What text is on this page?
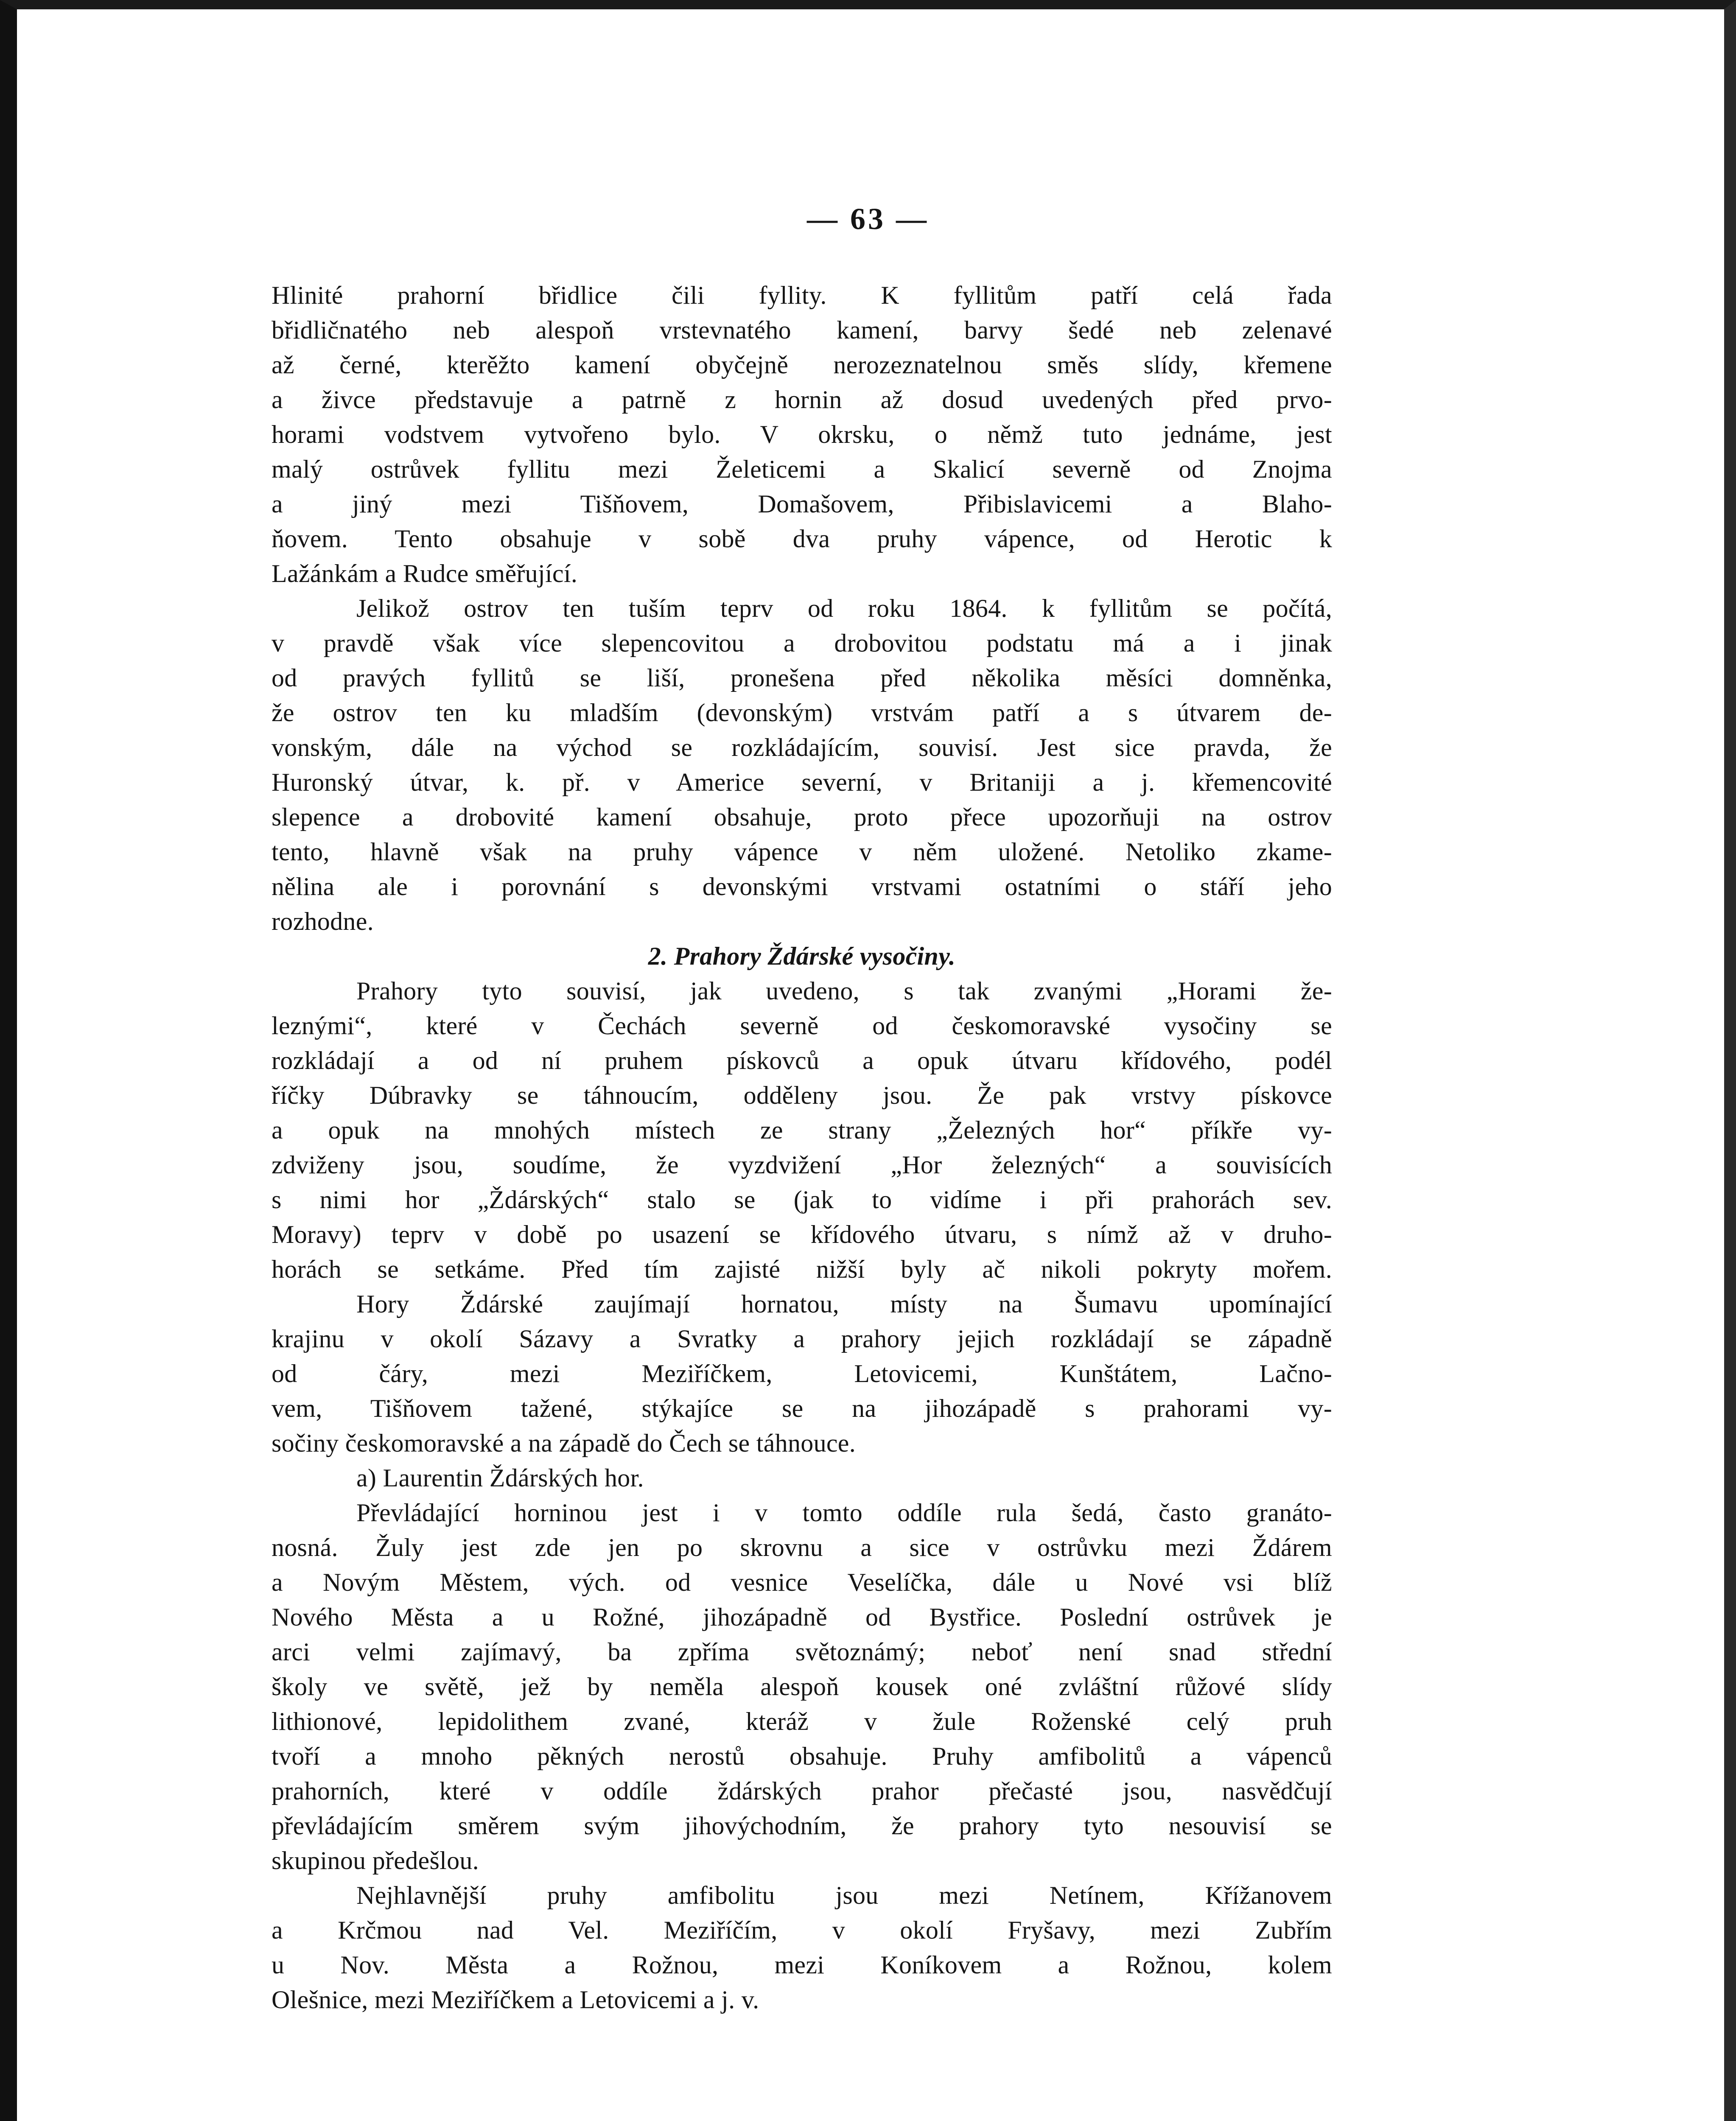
— 63 —
Hlinité prahorní břidlice čili fyllity. K fyllitům patří celá řada
břidličnatého neb alespoň vrstevnatého kamení, barvy šedé neb zelenavé
až černé, kterěžto kamení obyčejně nerozeznatelnou směs slídy, křemene
a živce představuje a patrně z hornin až dosud uvedených před prvo-
horami vodstvem vytvořeno bylo. V okrsku, o němž tuto jednáme, jest
malý ostrůvek fyllitu mezi Želeticemi a Skalicí severně od Znojma
a jiný mezi Tišňovem, Domašovem, Přibislavicemi a Blaho-
ňovem. Tento obsahuje v sobě dva pruhy vápence, od Herotic k
Lažánkám a Rudce směřující.
Jelikož ostrov ten tuším teprv od roku 1864. k fyllitům se počítá,
v pravdě však více slepencovitou a drobovitou podstatu má a i jinak
od pravých fyllitů se liší, pronešena před několika měsíci domněnka,
že ostrov ten ku mladším (devonským) vrstvám patří a s útvarem de-
vonským, dále na východ se rozkládajícím, souvisí. Jest sice pravda, že
Huronský útvar, k. př. v Americe severní, v Britaniji a j. křemencovité
slepence a drobovité kamení obsahuje, proto přece upozorňuji na ostrov
tento, hlavně však na pruhy vápence v něm uložené. Netoliko zkame-
nělina ale i porovnání s devonskými vrstvami ostatními o stáří jeho
rozhodne.
2. Prahory Ždárské vysočiny.
Prahory tyto souvisí, jak uvedeno, s tak zvanými „Horami že-
leznými“, které v Čechách severně od českomoravské vysočiny se
rozkládají a od ní pruhem pískovců a opuk útvaru křídového, podél
říčky Dúbravky se táhnoucím, odděleny jsou. Že pak vrstvy pískovce
a opuk na mnohých místech ze strany „Železných hor“ příkře vy-
zdviženy jsou, soudíme, že vyzdvižení „Hor železných“ a souvisících
s nimi hor „Ždárských“ stalo se (jak to vidíme i při prahorách sev.
Moravy) teprv v době po usazení se křídového útvaru, s nímž až v druho-
horách se setkáme. Před tím zajisté nižší byly ač nikoli pokryty mořem.
Hory Ždárské zaujímají hornatou, místy na Šumavu upomínající
krajinu v okolí Sázavy a Svratky a prahory jejich rozkládají se západně
od čáry, mezi Meziříčkem, Letovicemi, Kunštátem, Lačno-
vem, Tišňovem tažené, stýkajíce se na jihozápadě s prahorami vy-
sočiny českomoravské a na západě do Čech se táhnouce.
a) Laurentin Ždárských hor.
Převládající horninou jest i v tomto oddíle rula šedá, často granáto-
nosná. Žuly jest zde jen po skrovnu a sice v ostrůvku mezi Ždárem
a Novým Městem, vých. od vesnice Veselíčka, dále u Nové vsi blíž
Nového Města a u Rožné, jihozápadně od Bystřice. Poslední ostrůvek je
arci velmi zajímavý, ba zpříma světoznámý; neboť není snad střední
školy ve světě, jež by neměla alespoň kousek oné zvláštní růžové slídy
lithionové, lepidolithem zvané, kteráž v žule Roženské celý pruh
tvoří a mnoho pěkných nerostů obsahuje. Pruhy amfibolitů a vápenců
prahorních, které v oddíle ždárských prahor přečasté jsou, nasvědčují
převládajícím směrem svým jihovýchodním, že prahory tyto nesouvisí se
skupinou předešlou.
Nejhlavnější pruhy amfibolitu jsou mezi Netínem, Křížanovem
a Krčmou nad Vel. Meziříčím, v okolí Fryšavy, mezi Zubřím
u Nov. Města a Rožnou, mezi Koníkovem a Rožnou, kolem
Olešnice, mezi Meziříčkem a Letovicemi a j. v.
